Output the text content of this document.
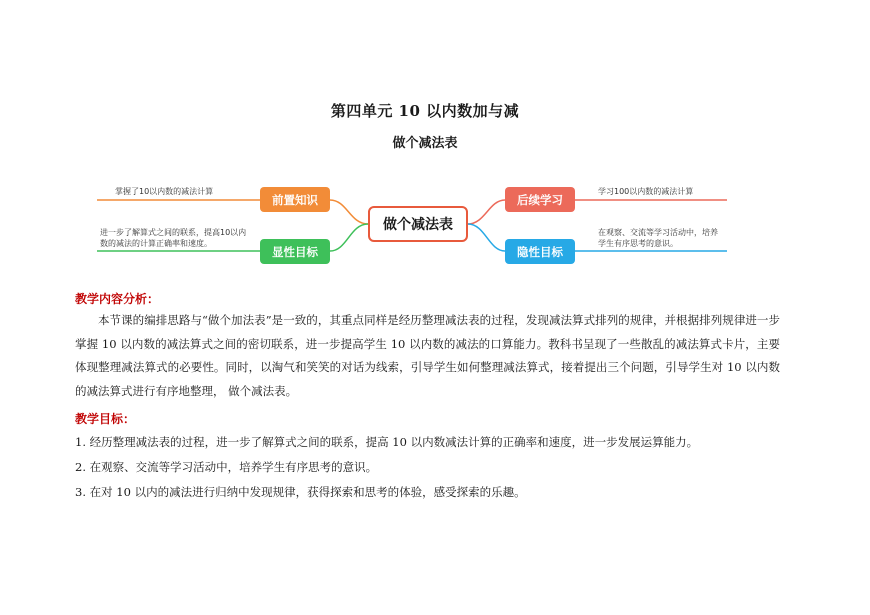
第四单元 10 以内数加与减
做个减法表
做个减法表
前置知识
显性目标
后续学习
隐性目标
掌握了10以内数的减法计算
进一步了解算式之间的联系，提高10以内数的减法的计算正确率和速度。
学习100以内数的减法计算
在观察、交流等学习活动中，培养学生有序思考的意识。
教学内容分析：
本节课的编排思路与“做个加法表”是一致的，其重点同样是经历整理减法表的过程，发现减法算式排列的规律，并根据排列规律进一步掌握 10 以内数的减法算式之间的密切联系，进一步提高学生 10 以内数的减法的口算能力。教科书呈现了一些散乱的减法算式卡片，主要体现整理减法算式的必要性。同时，以淘气和笑笑的对话为线索，引导学生如何整理减法算式，接着提出三个问题，引导学生对 10 以内数的减法算式进行有序地整理， 做个减法表。
教学目标：
1. 经历整理减法表的过程，进一步了解算式之间的联系，提高 10 以内数减法计算的正确率和速度，进一步发展运算能力。
2. 在观察、交流等学习活动中，培养学生有序思考的意识。
3. 在对 10 以内的减法进行归纳中发现规律，获得探索和思考的体验，感受探索的乐趣。
